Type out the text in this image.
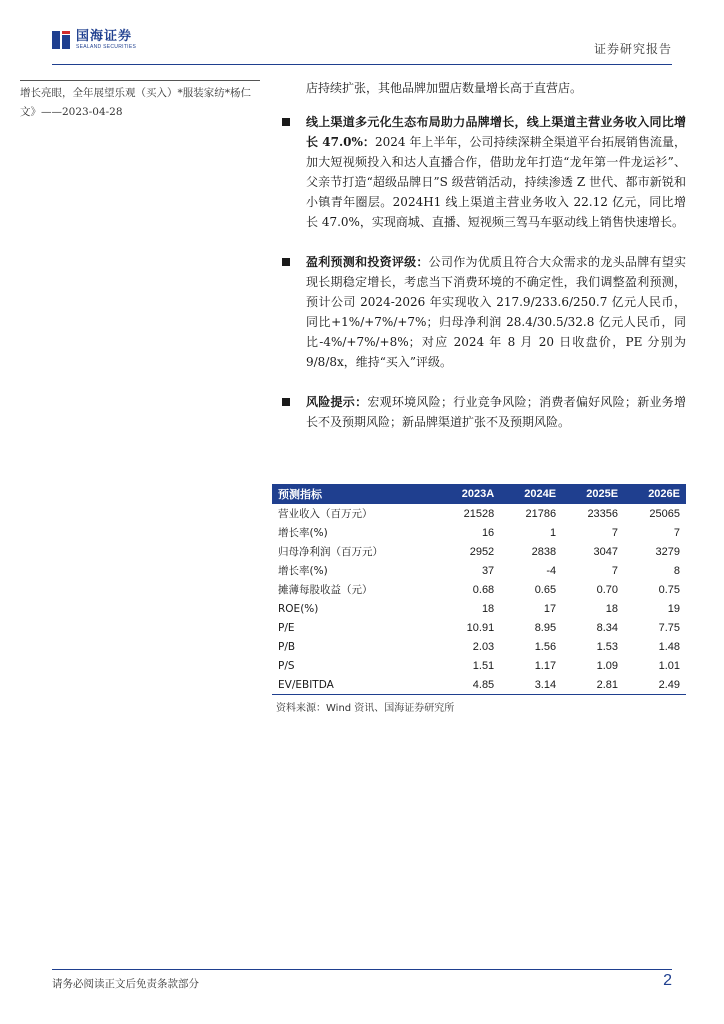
国海证券
SEALAND SECURITIES	证券研究报告
增长亮眼，全年展望乐观（买入）*服装家纺*杨仁文》——2023-04-28

店持续扩张，其他品牌加盟店数量增长高于直营店。

线上渠道多元化生态布局助力品牌增长，线上渠道主营业务收入同比增长 47.0%：2024 年上半年，公司持续深耕全渠道平台拓展销售流量，加大短视频投入和达人直播合作，借助龙年打造“龙年第一件龙运衫”、父亲节打造“超级品牌日”S 级营销活动，持续渗透 Z 世代、都市新锐和小镇青年圈层。2024H1 线上渠道主营业务收入 22.12 亿元，同比增长 47.0%，实现商城、直播、短视频三驾马车驱动线上销售快速增长。
盈利预测和投资评级：公司作为优质且符合大众需求的龙头品牌有望实现长期稳定增长，考虑当下消费环境的不确定性，我们调整盈利预测，预计公司 2024-2026 年实现收入 217.9/233.6/250.7 亿元人民币，同比+1%/+7%/+7%；归母净利润 28.4/30.5/32.8 亿元人民币，同比-4%/+7%/+8%；对应 2024 年 8 月 20 日收盘价，PE 分别为 9/8/8x，维持“买入”评级。
风险提示：宏观环境风险；行业竞争风险；消费者偏好风险；新业务增长不及预期风险；新品牌渠道扩张不及预期风险。
预测指标	2023A	2024E	2025E	2026E
营业收入（百万元）	21528	21786	23356	25065
增长率(%)	16	1	7	7
归母净利润（百万元）	2952	2838	3047	3279
增长率(%)	37	-4	7	8
摊薄每股收益（元）	0.68	0.65	0.70	0.75
ROE(%)	18	17	18	19
P/E	10.91	8.95	8.34	7.75
P/B	2.03	1.56	1.53	1.48
P/S	1.51	1.17	1.09	1.01
EV/EBITDA	4.85	3.14	2.81	2.49
资料来源：Wind 资讯、国海证券研究所
请务必阅读正文后免责条款部分	2
